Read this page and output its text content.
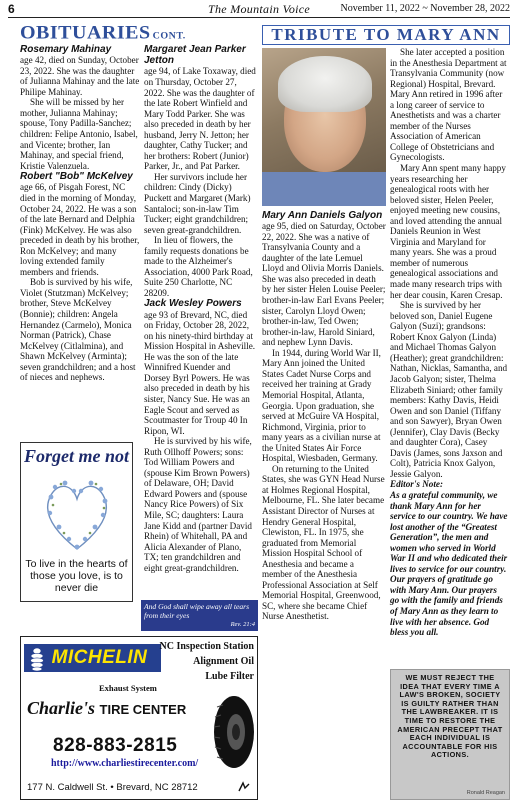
6	The Mountain Voice	November 11, 2022 ~ November 28, 2022
OBITUARIES CONT.

Rosemary Mahinay

age 42, died on Sunday, October 23, 2022. She was the daughter of Julianna Mahinay and the late Philipe Mahinay.

She will be missed by her mother, Julianna Mahinay; spouse, Tony Padilla-Sanchez; children: Felipe Antonio, Isabel, and Vicente; brother, Ian Mahinay, and special friend, Kristie Valenzuela.

Robert "Bob" McKelvey

age 66, of Pisgah Forest, NC died in the morning of Monday, October 24, 2022. He was a son of the late Bernard and Delphia (Fink) McKelvey. He was also preceded in death by his brother, Ron McKelvey; and many loving extended family members and friends.

Bob is survived by his wife, Violet (Stutzman) McKelvey; brother, Steve McKelvey (Bonnie); children: Angela Hernandez (Carmelo), Monica Norman (Patrick), Chase McKelvey (Citlalmina), and Shawn McKelvey (Arminta); seven grandchildren; and a host of nieces and nephews.

Margaret Jean Parker Jetton

age 94, of Lake Toxaway, died on Thursday, October 27, 2022. She was the daughter of the late Robert Winfield and Mary Todd Parker. She was also preceded in death by her husband, Jerry N. Jetton; her daughter, Cathy Tucker; and her brothers: Robert (Junior) Parker, Jr., and Pat Parker.

Her survivors include her children: Cindy (Dicky) Puckett and Margaret (Mark) Santaloci; son-in-law Tim Tucker; eight grandchildren; seven great-grandchildren.

In lieu of flowers, the family requests donations be made to the Alzheimer's Association, 4000 Park Road, Suite 250 Charlotte, NC 28209.

Jack Wesley Powers

age 93 of Brevard, NC, died on Friday, October 28, 2022, on his ninety-third birthday at Mission Hospital in Asheville. He was the son of the late Winnifred Kuender and Dorsey Byrl Powers. He was also preceded in death by his sister, Nancy Sue. He was an Eagle Scout and served as Scoutmaster for Troup 40 In Ripon, WI.

He is survived by his wife, Ruth Ollhoff Powers; sons: Tod William Powers and (spouse Kim Brown Powers) of Delaware, OH; David Edward Powers and (spouse Nancy Rice Powers) of Six Mile, SC; daughters: Laura Jane Kidd and (partner David Rhein) of Whitehall, PA and Alicia Alexander of Plano, TX; ten grandchildren and eight great-grandchildren.

Forget me not
To live in the hearts of those you love, is to never die
And God shall wipe away all tears from their eyes
Rev. 21:4
TRIBUTE TO MARY ANN

Mary Ann Daniels Galyon

age 95, died on Saturday, October 22, 2022. She was a native of Transylvania County and a daughter of the late Lemuel Lloyd and Olivia Morris Daniels. She was also preceded in death by her sister Helen Louise Peeler; brother-in-law Earl Evans Peeler; sister, Carolyn Lloyd Owen; brother-in-law, Ted Owen; brother-in-law, Harold Siniard, and nephew Lynn Davis.

In 1944, during World War II, Mary Ann joined the United States Cadet Nurse Corps and received her training at Grady Memorial Hospital, Atlanta, Georgia. Upon graduation, she served at McGuire VA Hospital, Richmond, Virginia, prior to many years as a civilian nurse at the United States Air Force Hospital, Wiesbaden, Germany.

On returning to the United States, she was GYN Head Nurse at Holmes Regional Hospital, Melbourne, FL. She later became Assistant Director of Nurses at Hendry General Hospital, Clewiston, FL. In 1975, she graduated from Memorial Mission Hospital School of Anesthesia and became a member of the Anesthesia Professional Association at Self Memorial Hospital, Greenwood, SC, where she became Chief Nurse Anesthetist.

She later accepted a position in the Anesthesia Department at Transylvania Community (now Regional) Hospital, Brevard. Mary Ann retired in 1996 after a long career of service to Anesthetists and was a charter member of the Nurses Association of American College of Obstetricians and Gynecologists.

Mary Ann spent many happy years researching her genealogical roots with her beloved sister, Helen Peeler, enjoyed meeting new cousins, and loved attending the annual Daniels Reunion in West Virginia and Maryland for many years. She was a proud member of numerous genealogical associations and made many research trips with her dear cousin, Karen Cresap.

She is survived by her beloved son, Daniel Eugene Galyon (Suzi); grandsons: Robert Knox Galyon (Linda) and Michael Thomas Galyon (Heather); great grandchildren: Nathan, Nicklas, Samantha, and Jacob Galyon; sister, Thelma Elizabeth Siniard; other family members: Kathy Davis, Heidi Owen and son Daniel (Tiffany and son Sawyer), Bryan Owen (Jennifer), Clay Davis (Becky and daughter Cora), Casey Davis (James, sons Jaxson and Colt), Patricia Knox Galyon, Jessie Galyon.

Editor's Note:

As a grateful community, we thank Mary Ann for her service to our country. We have lost another of the “Greatest Generation”, the men and women who served in World War II and who dedicated their lives to service for our country. Our prayers of gratitude go with Mary Ann. Our prayers go with the family and friends of Mary Ann as they learn to live with her absence. God bless you all.

MICHELIN
NC Inspection Station
Alignment Oil
Lube Filter
Exhaust System
Charlie's TIRE CENTER
828-883-2815
http://www.charliestirecenter.com/
177 N. Caldwell St. • Brevard, NC 28712
WE MUST REJECT THE IDEA THAT EVERY TIME A LAW'S BROKEN, SOCIETY IS GUILTY RATHER THAN THE LAWBREAKER. IT IS TIME TO RESTORE THE AMERICAN PRECEPT THAT EACH INDIVIDUAL IS ACCOUNTABLE FOR HIS ACTIONS.
Ronald Reagan
